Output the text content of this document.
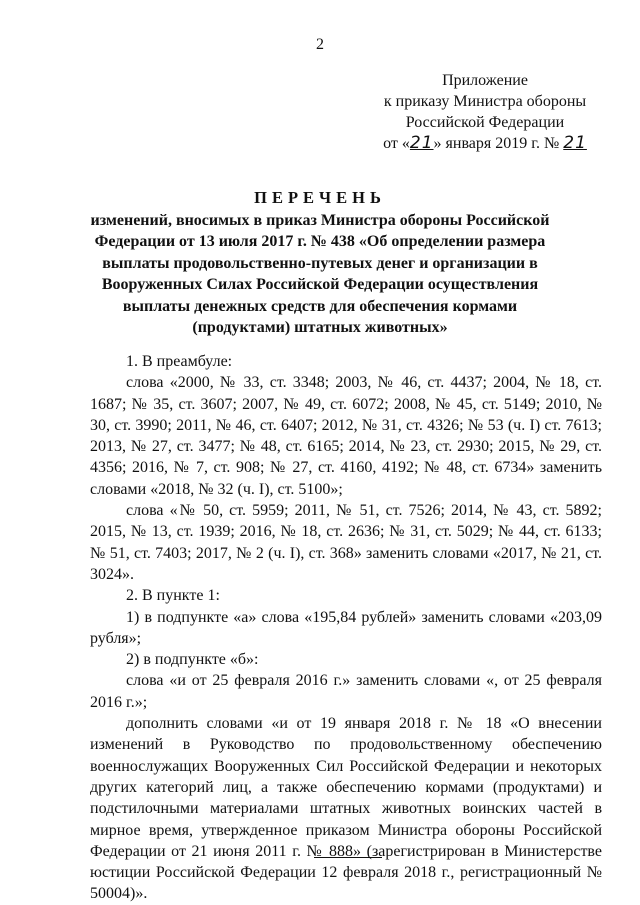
2
Приложение
к приказу Министра обороны
Российской Федерации
от «21» января 2019 г. № 21
ПЕРЕЧЕНЬ
изменений, вносимых в приказ Министра обороны Российской Федерации от 13 июля 2017 г. № 438 «Об определении размера выплаты продовольственно-путевых денег и организации в Вооруженных Силах Российской Федерации осуществления выплаты денежных средств для обеспечения кормами (продуктами) штатных животных»

1. В преамбуле:

слова «2000, № 33, ст. 3348; 2003, № 46, ст. 4437; 2004, № 18, ст. 1687; № 35, ст. 3607; 2007, № 49, ст. 6072; 2008, № 45, ст. 5149; 2010, № 30, ст. 3990; 2011, № 46, ст. 6407; 2012, № 31, ст. 4326; № 53 (ч. I) ст. 7613; 2013, № 27, ст. 3477; № 48, ст. 6165; 2014, № 23, ст. 2930; 2015, № 29, ст. 4356; 2016, № 7, ст. 908; № 27, ст. 4160, 4192; № 48, ст. 6734» заменить словами «2018, № 32 (ч. I), ст. 5100»;

слова «№ 50, ст. 5959; 2011, № 51, ст. 7526; 2014, № 43, ст. 5892; 2015, № 13, ст. 1939; 2016, № 18, ст. 2636; № 31, ст. 5029; № 44, ст. 6133; № 51, ст. 7403; 2017, № 2 (ч. I), ст. 368» заменить словами «2017, № 21, ст. 3024».

2. В пункте 1:

1) в подпункте «а» слова «195,84 рублей» заменить словами «203,09 рубля»;

2) в подпункте «б»:

слова «и от 25 февраля 2016 г.» заменить словами «, от 25 февраля 2016 г.»;

дополнить словами «и от 19 января 2018 г. № 18 «О внесении изменений в Руководство по продовольственному обеспечению военнослужащих Вооруженных Сил Российской Федерации и некоторых других категорий лиц, а также обеспечению кормами (продуктами) и подстилочными материалами штатных животных воинских частей в мирное время, утвержденное приказом Министра обороны Российской Федерации от 21 июня 2011 г. № 888» (зарегистрирован в Министерстве юстиции Российской Федерации 12 февраля 2018 г., регистрационный № 50004)».
